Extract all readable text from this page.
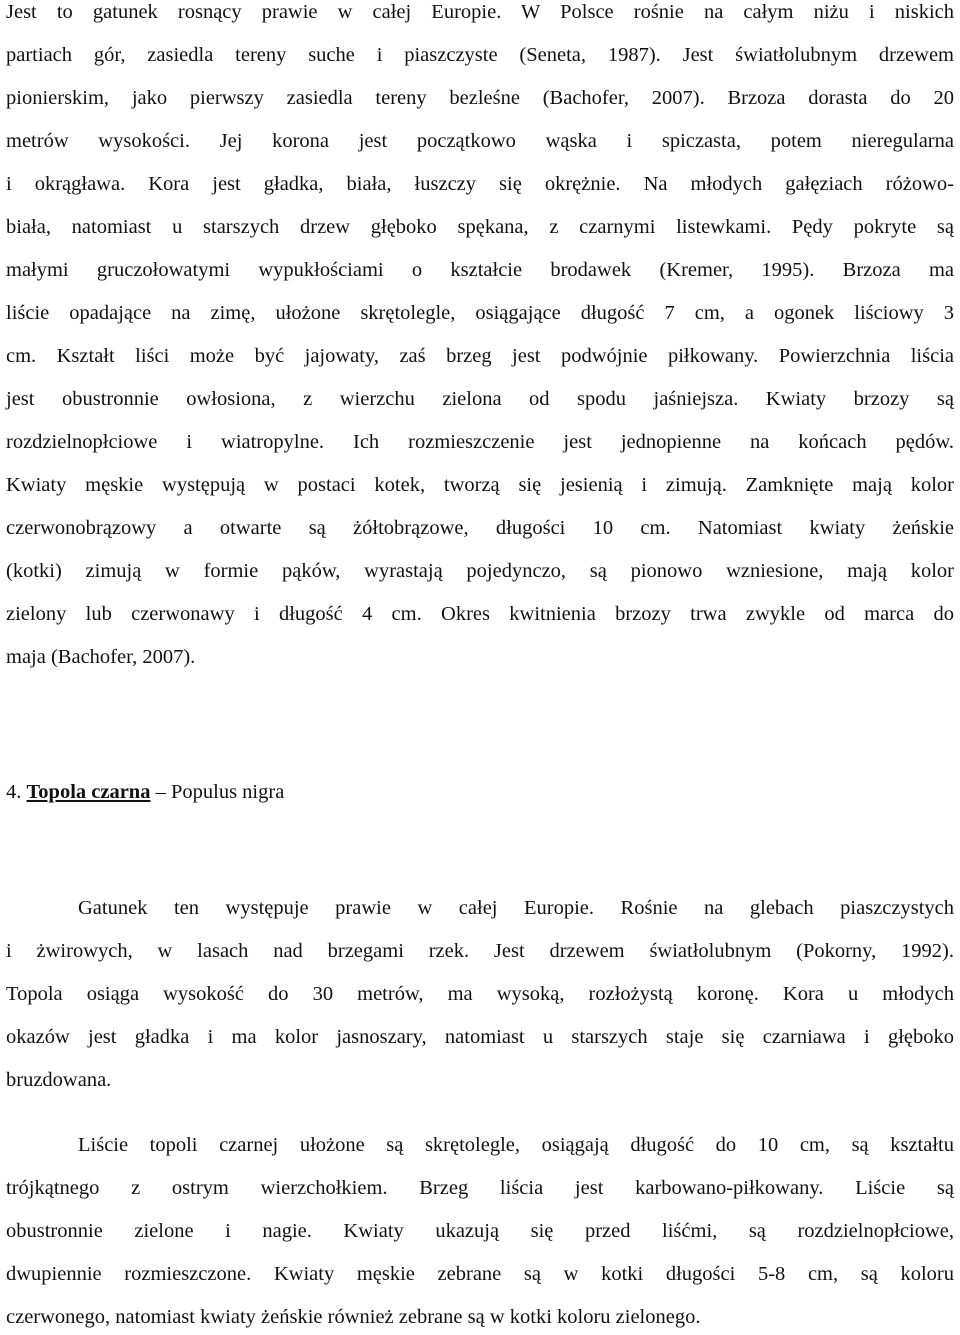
Jest to gatunek rosnący prawie w całej Europie. W Polsce rośnie na całym niżu i niskich
partiach gór, zasiedla tereny suche i piaszczyste (Seneta, 1987). Jest światłolubnym drzewem
pionierskim, jako pierwszy zasiedla tereny bezleśne (Bachofer, 2007). Brzoza dorasta do 20
metrów wysokości. Jej korona jest początkowo wąska i spiczasta, potem nieregularna
i okrągława. Kora jest gładka, biała, łuszczy się okrężnie. Na młodych gałęziach różowo-
biała, natomiast u starszych drzew głęboko spękana, z czarnymi listewkami. Pędy pokryte są
małymi gruczołowatymi wypukłościami o kształcie brodawek (Kremer, 1995). Brzoza ma
liście opadające na zimę, ułożone skrętolegle, osiągające długość 7 cm, a ogonek liściowy 3
cm. Kształt liści może być jajowaty, zaś brzeg jest podwójnie piłkowany. Powierzchnia liścia
jest obustronnie owłosiona, z wierzchu zielona od spodu jaśniejsza. Kwiaty brzozy są
rozdzielnopłciowe i wiatropylne. Ich rozmieszczenie jest jednopienne na końcach pędów.
Kwiaty męskie występują w postaci kotek, tworzą się jesienią i zimują. Zamknięte mają kolor
czerwonobrązowy a otwarte są żółtobrązowe, długości 10 cm. Natomiast kwiaty żeńskie
(kotki) zimują w formie pąków, wyrastają pojedynczo, są pionowo wzniesione, mają kolor
zielony lub czerwonawy i długość 4 cm. Okres kwitnienia brzozy trwa zwykle od marca do
maja (Bachofer, 2007).
4. Topola czarna – Populus nigra
Gatunek ten występuje prawie w całej Europie. Rośnie na glebach piaszczystych
i żwirowych, w lasach nad brzegami rzek. Jest drzewem światłolubnym (Pokorny, 1992).
Topola osiąga wysokość do 30 metrów, ma wysoką, rozłożystą koronę. Kora u młodych
okazów jest gładka i ma kolor jasnoszary, natomiast u starszych staje się czarniawa i głęboko
bruzdowana.
Liście topoli czarnej ułożone są skrętolegle, osiągają długość do 10 cm, są kształtu
trójkątnego z ostrym wierzchołkiem. Brzeg liścia jest karbowano-piłkowany. Liście są
obustronnie zielone i nagie. Kwiaty ukazują się przed liśćmi, są rozdzielnopłciowe,
dwupiennie rozmieszczone. Kwiaty męskie zebrane są w kotki długości 5-8 cm, są koloru
czerwonego, natomiast kwiaty żeńskie również zebrane są w kotki koloru zielonego.
